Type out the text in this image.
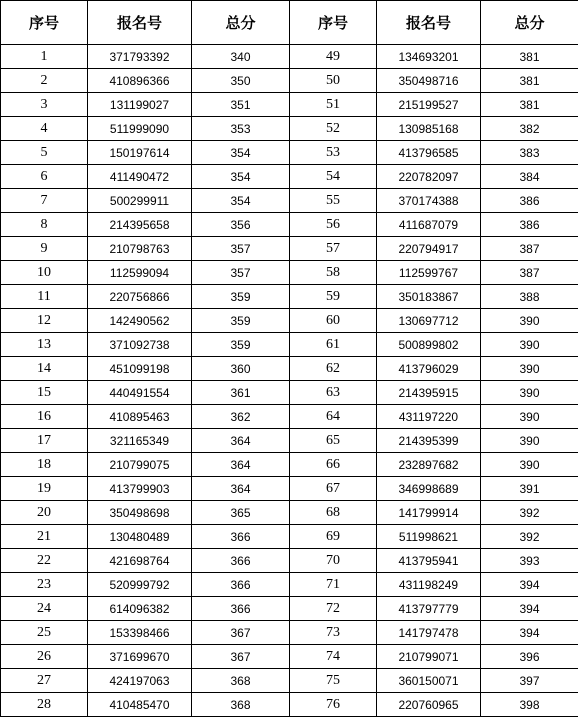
序号	报名号	总分	序号	报名号	总分
1	371793392	340	49	134693201	381
2	410896366	350	50	350498716	381
3	131199027	351	51	215199527	381
4	511999090	353	52	130985168	382
5	150197614	354	53	413796585	383
6	411490472	354	54	220782097	384
7	500299911	354	55	370174388	386
8	214395658	356	56	411687079	386
9	210798763	357	57	220794917	387
10	112599094	357	58	112599767	387
11	220756866	359	59	350183867	388
12	142490562	359	60	130697712	390
13	371092738	359	61	500899802	390
14	451099198	360	62	413796029	390
15	440491554	361	63	214395915	390
16	410895463	362	64	431197220	390
17	321165349	364	65	214395399	390
18	210799075	364	66	232897682	390
19	413799903	364	67	346998689	391
20	350498698	365	68	141799914	392
21	130480489	366	69	511998621	392
22	421698764	366	70	413795941	393
23	520999792	366	71	431198249	394
24	614096382	366	72	413797779	394
25	153398466	367	73	141797478	394
26	371699670	367	74	210799071	396
27	424197063	368	75	360150071	397
28	410485470	368	76	220760965	398
